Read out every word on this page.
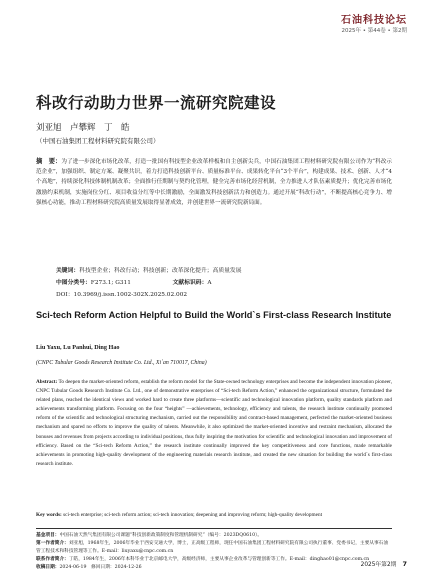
石油科技论坛
2025年 • 第44卷 • 第2期
科改行动助力世界一流研究院建设
刘亚旭　卢攀辉　丁　皓
（中国石油集团工程材料研究院有限公司）
摘　要：为了进一步深化市场化改革，打造一批国有科技型企业改革样板和自主创新尖兵，中国石油集团工程材料研究院有限公司作为“科改示范企业”，加强组织、制定方案、凝聚共识，着力打造科技创新平台、质量标准平台、成果转化平台“3个平台”，构建成果、技术、创新、人才“4个高地”，持续深化科技体制机制改革；全面推行任期制与契约化管理，健全完善市场化经营机制，全力推进人才队伍素质提升；优化完善市场化激励约束机制，实施岗位分红、项目收益分红等中长期激励，全面激发科技创新活力和创造力。通过开展“科改行动”，不断提高核心竞争力、增强核心功能，推动工程材料研究院高质量发展取得显著成效，并创建世界一流研究院新局面。
关键词：科技型企业；科改行动；科技创新；改革深化提升；高质量发展
中图分类号：F273.1; G311	文献标识码：A
DOI：10.3969/j.issn.1002-302X.2025.02.002
Sci-tech Reform Action Helpful to Build the World`s First-class Research Institute
Liu Yaxu, Lu Panhui, Ding Hao
(CNPC Tubular Goods Research Institute Co. Ltd., Xi`an 710017, China)
Abstract: To deepen the market-oriented reform, establish the reform model for the State-owned technology enterprises and become the independent innovation pioneer, CNPC Tubular Goods Research Institute Co. Ltd., one of demonstrative enterprises of “Sci-tech Reform Action,” enhanced the organizational structure, formulated the related plans, reached the identical views and worked hard to create three platforms—scientific and technological innovation platform, quality standards platform and achievements transforming platform. Focusing on the four “heights” —achievements, technology, efficiency and talents, the research institute continually promoted reform of the scientific and technological structuring mechanism, carried out the responsibility and contract-based management, perfected the market-oriented business mechanism and spared no efforts to improve the quality of talents. Meanwhile, it also optimized the market-oriented incentive and restraint mechanism, allocated the bonuses and revenues from projects according to individual positions, thus fully inspiring the motivation for scientific and technological innovation and improvement of efficiency. Based on the “Sci-tech Reform Action,” the research institute continually improved the key competitiveness and core functions, made remarkable achievements in promoting high-quality development of the engineering materials research institute, and created the new situation for building the world`s first-class research institute.
Key words: sci-tech enterprise; sci-tech reform action; sci-tech innovation; deepening and improving reform; high-quality development
基金项目：中国石油天然气集团有限公司课题“科技创新政策制度和管理机制研究”（编号：2023DQ0610）。
第一作者简介：刘亚旭，1968年生，2006年毕业于西安交通大学，博士，正高级工程师，现任中国石油集团工程材料研究院有限公司执行董事、党委书记，主要从事石油管工程技术和科技管理等工作。E-mail：liuyaxu@cnpc.com.cn
联系作者简介：丁皓，1984年生，2006年本科毕业于北京邮电大学，高级经济师，主要从事企业改革与管理创新等工作。E-mail：dinghao01@cnpc.com.cn
收稿日期：2024-06-19　修回日期：2024-12-26	2025年第2期 7
